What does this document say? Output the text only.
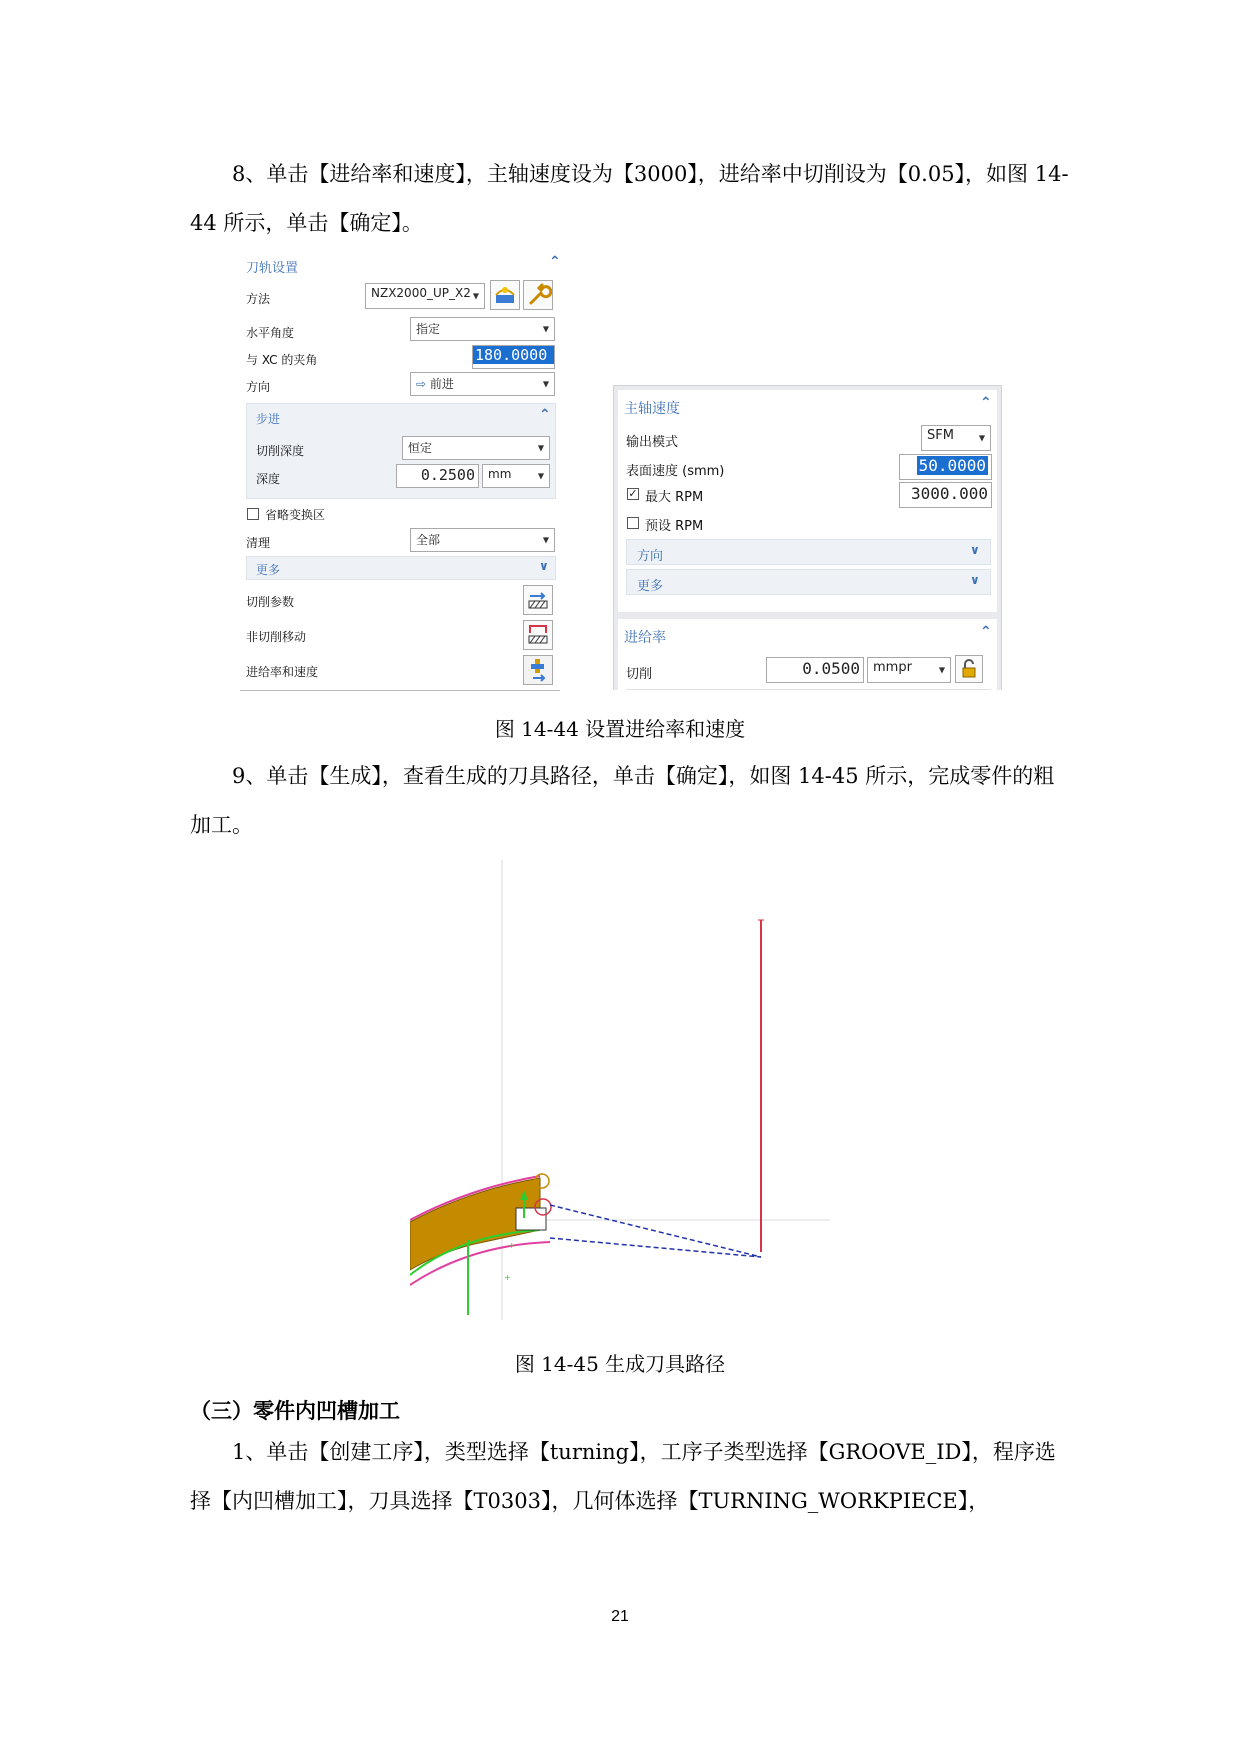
8、单击【进给率和速度】，主轴速度设为【3000】，进给率中切削设为【0.05】，如图 14-44 所示，单击【确定】。

刀轨设置	⌃
方法	NZX2000_UP_X2 ▼
水平角度	指定	▼
与 XC 的夹角	180.0000
方向	⇨ 前进	▼
步进	⌃
切削深度	恒定	▼
深度	0.2500	mm	▼
省略变换区
清理	全部	▼
更多	∨
切削参数
非切削移动
进给率和速度
主轴速度	⌃
输出模式	SFM	▼
表面速度 (smm)	50.0000
✓ 最大 RPM	3000.000
预设 RPM
方向	∨
更多	∨
进给率	⌃
切削	0.0500	mmpr	▼
图 14-44 设置进给率和速度

9、单击【生成】，查看生成的刀具路径，单击【确定】，如图 14-45 所示，完成零件的粗加工。

+
+
图 14-45 生成刀具路径
（三）零件内凹槽加工

1、单击【创建工序】，类型选择【turning】，工序子类型选择【GROOVE_ID】，程序选择【内凹槽加工】，刀具选择【T0303】，几何体选择【TURNING_WORKPIECE】，

21
